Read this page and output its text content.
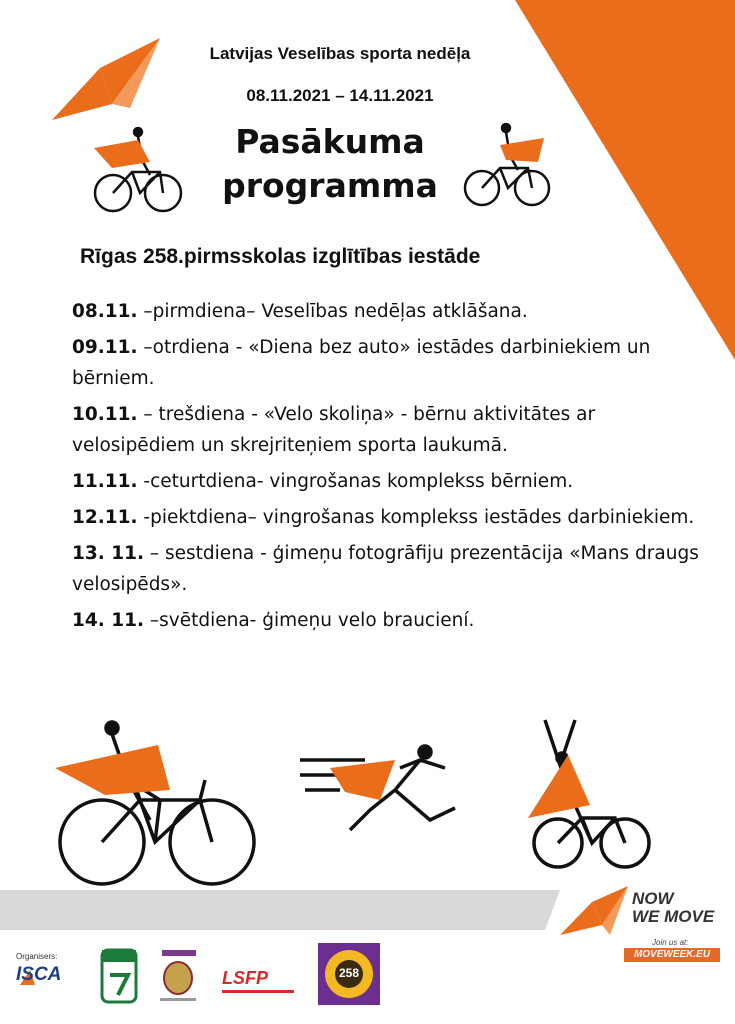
Latvijas Veselības sporta nedēļa
08.11.2021 – 14.11.2021
Pasākuma
programma
Rīgas 258.pirmsskolas izglītības iestāde
08.11. –pirmdiena– Veselības nedēļas atklāšana.
09.11. –otrdiena - «Diena bez auto» iestādes darbiniekiem un bērniem.
10.11. – trešdiena - «Velo skoliņa» - bērnu aktivitātes ar velosipēdiem un skrejriteņiem sporta laukumā.
11.11. -ceturtdiena- vingrošanas komplekss bērniem.
12.11. -piektdiena– vingrošanas komplekss iestādes darbiniekiem.
13. 11. – sestdiena - ģimeņu fotogrāfiju prezentācija «Mans draugs velosipēds».
14. 11. –svētdiena- ģimeņu velo brauciení.
NOW
WE MOVE
Join us at:
MOVEWEEK.EU
Organisers:
ISCA	LSFP	258
